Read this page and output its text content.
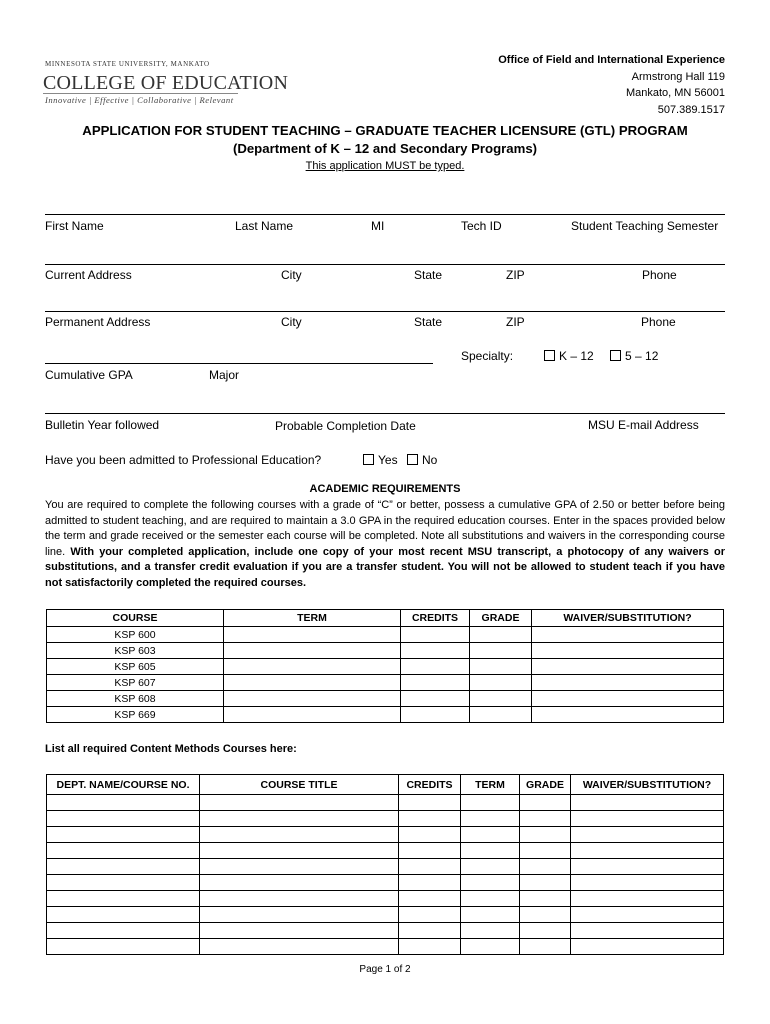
MINNESOTA STATE UNIVERSITY, MANKATO
COLLEGE OF EDUCATION
Innovative | Effective | Collaborative | Relevant
Office of Field and International Experience
Armstrong Hall 119
Mankato, MN 56001
507.389.1517
APPLICATION FOR STUDENT TEACHING – GRADUATE TEACHER LICENSURE (GTL) PROGRAM
(Department of K – 12 and Secondary Programs)
This application MUST be typed.
First Name	Last Name	MI	Tech ID	Student Teaching Semester
Current Address	City	State	ZIP	Phone
Permanent Address	City	State	ZIP	Phone
Specialty:	K – 12	5 – 12
Cumulative GPA	Major
Bulletin Year followed	Probable Completion Date	MSU E-mail Address
Have you been admitted to Professional Education?	Yes	No
ACADEMIC REQUIREMENTS
You are required to complete the following courses with a grade of “C” or better, possess a cumulative GPA of 2.50 or better before being admitted to student teaching, and are required to maintain a 3.0 GPA in the required education courses. Enter in the spaces provided below the term and grade received or the semester each course will be completed. Note all substitutions and waivers in the corresponding course line. With your completed application, include one copy of your most recent MSU transcript, a photocopy of any waivers or substitutions, and a transfer credit evaluation if you are a transfer student. You will not be allowed to student teach if you have not satisfactorily completed the required courses.
COURSE	TERM	CREDITS	GRADE	WAIVER/SUBSTITUTION?
KSP 600				
KSP 603				
KSP 605				
KSP 607				
KSP 608				
KSP 669				
List all required Content Methods Courses here:
DEPT. NAME/COURSE NO.	COURSE TITLE	CREDITS	TERM	GRADE	WAIVER/SUBSTITUTION?

Page 1 of 2
